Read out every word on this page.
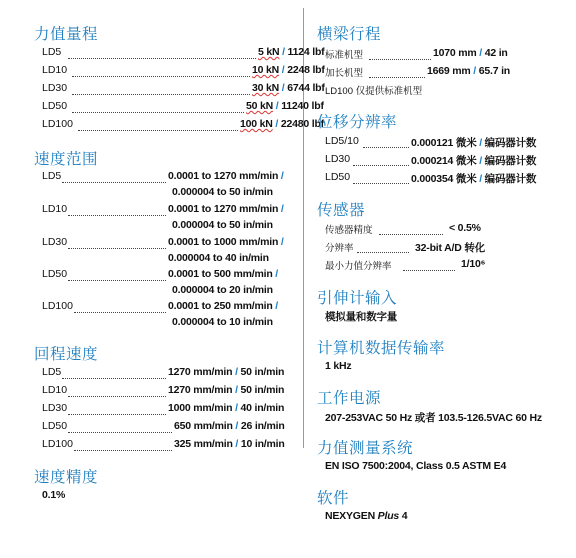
力值量程
LD5	5 kN / 1124 lbf
LD10	10 kN / 2248 lbf
LD30	30 kN / 6744 lbf
LD50	50 kN / 11240 lbf
LD100	100 kN / 22480 lbf
速度范围
LD5	0.0001 to 1270 mm/min /
0.000004 to 50 in/min
LD10	0.0001 to 1270 mm/min /
0.000004 to 50 in/min
LD30	0.0001 to 1000 mm/min /
0.000004 to 40 in/min
LD50	0.0001 to 500 mm/min /
0.000004 to 20 in/min
LD100	0.0001 to 250 mm/min /
0.000004 to 10 in/min
回程速度
LD5	1270 mm/min / 50 in/min
LD10	1270 mm/min / 50 in/min
LD30	1000 mm/min / 40 in/min
LD50	650 mm/min / 26 in/min
LD100	325 mm/min / 10 in/min
速度精度
0.1%
横梁行程
标准机型	1070 mm / 42 in
加长机型	1669 mm / 65.7 in
LD100 仅提供标准机型
位移分辨率
LD5/10	0.000121 微米 / 编码器计数
LD30	0.000214 微米 / 编码器计数
LD50	0.000354 微米 / 编码器计数
传感器
传感器精度	< 0.5%
分辨率	32-bit A/D 转化
最小力值分辨率	1/10⁶
引伸计输入
模拟量和数字量
计算机数据传输率
1 kHz
工作电源
207-253VAC 50 Hz 或者 103.5-126.5VAC 60 Hz
力值测量系统
EN ISO 7500:2004, Class 0.5 ASTM E4
软件
NEXYGEN Plus 4
